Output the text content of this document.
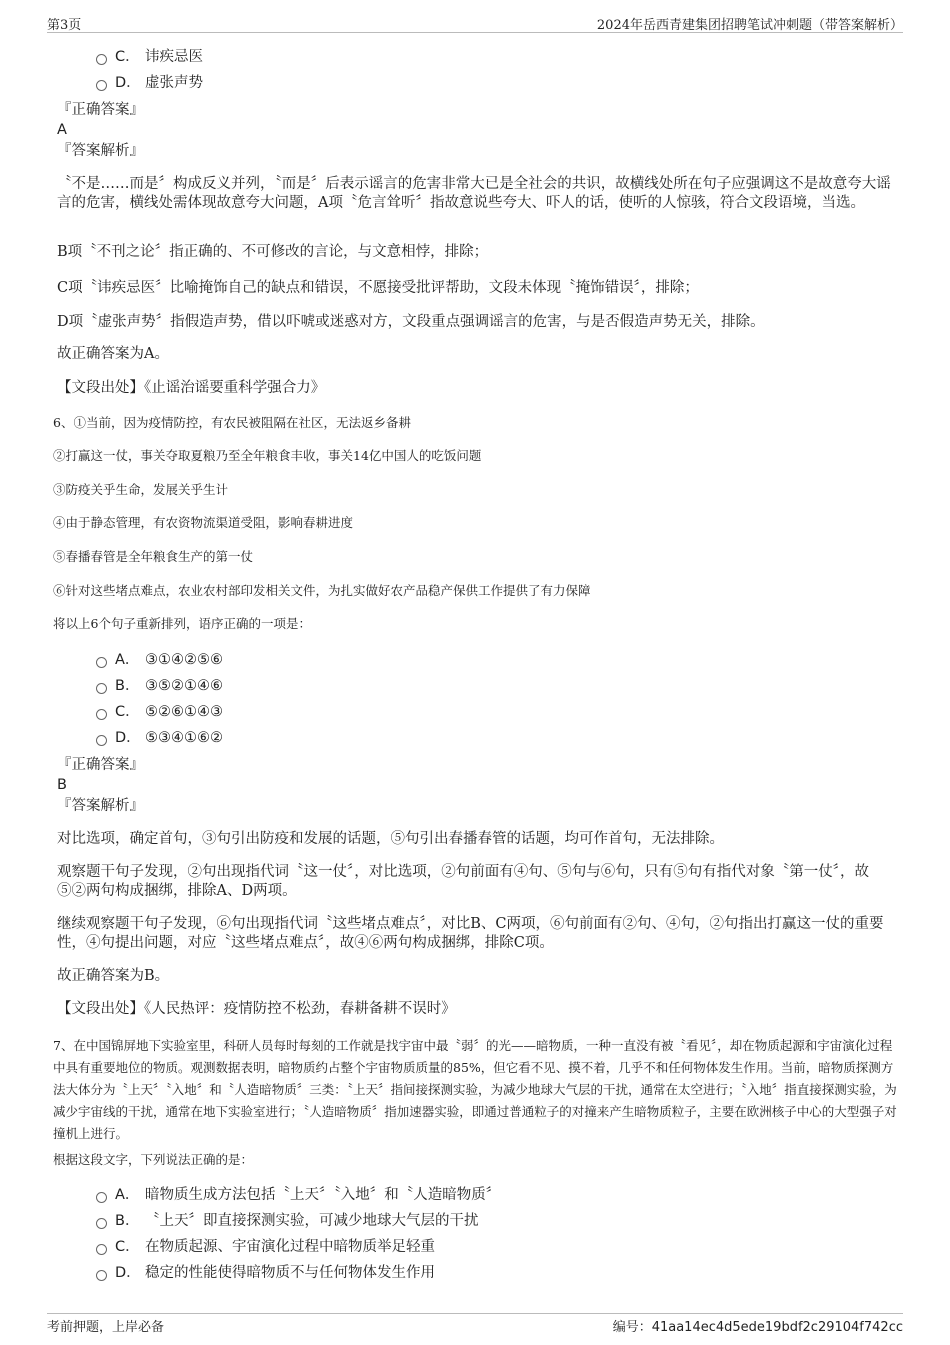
第3页	2024年岳西青建集团招聘笔试冲刺题（带答案解析）
C． 讳疾忌医
D． 虚张声势
『正确答案』
A
『答案解析』
〝不是……而是〞构成反义并列，〝而是〞后表示谣言的危害非常大已是全社会的共识，故横线处所在句子应强调这不是故意夸大谣言的危害，横线处需体现故意夸大问题，A项〝危言耸听〞指故意说些夸大、吓人的话，使听的人惊骇，符合文段语境，当选。
B项〝不刊之论〞指正确的、不可修改的言论，与文意相悖，排除；
C项〝讳疾忌医〞比喻掩饰自己的缺点和错误，不愿接受批评帮助，文段未体现〝掩饰错误〞，排除；
D项〝虚张声势〞指假造声势，借以吓唬或迷惑对方，文段重点强调谣言的危害，与是否假造声势无关，排除。
故正确答案为A。
【文段出处】《止谣治谣要重科学强合力》
6、①当前，因为疫情防控，有农民被阻隔在社区，无法返乡备耕
②打赢这一仗，事关夺取夏粮乃至全年粮食丰收，事关14亿中国人的吃饭问题
③防疫关乎生命，发展关乎生计
④由于静态管理，有农资物流渠道受阻，影响春耕进度
⑤春播春管是全年粮食生产的第一仗
⑥针对这些堵点难点，农业农村部印发相关文件，为扎实做好农产品稳产保供工作提供了有力保障
将以上6个句子重新排列，语序正确的一项是：
A． ③①④②⑤⑥
B． ③⑤②①④⑥
C． ⑤②⑥①④③
D． ⑤③④①⑥②
『正确答案』
B
『答案解析』
对比选项，确定首句，③句引出防疫和发展的话题，⑤句引出春播春管的话题，均可作首句，无法排除。
观察题干句子发现，②句出现指代词〝这一仗〞，对比选项，②句前面有④句、⑤句与⑥句，只有⑤句有指代对象〝第一仗〞，故⑤②两句构成捆绑，排除A、D两项。
继续观察题干句子发现，⑥句出现指代词〝这些堵点难点〞，对比B、C两项，⑥句前面有②句、④句，②句指出打赢这一仗的重要性，④句提出问题，对应〝这些堵点难点〞，故④⑥两句构成捆绑，排除C项。
故正确答案为B。
【文段出处】《人民热评：疫情防控不松劲，春耕备耕不误时》
7、在中国锦屏地下实验室里，科研人员每时每刻的工作就是找宇宙中最〝弱〞的光——暗物质，一种一直没有被〝看见〞，却在物质起源和宇宙演化过程中具有重要地位的物质。观测数据表明，暗物质约占整个宇宙物质质量的85%，但它看不见、摸不着，几乎不和任何物体发生作用。当前，暗物质探测方法大体分为〝上天〞〝入地〞和〝人造暗物质〞三类：〝上天〞指间接探测实验，为减少地球大气层的干扰，通常在太空进行；〝入地〞指直接探测实验，为减少宇宙线的干扰，通常在地下实验室进行；〝人造暗物质〞指加速器实验，即通过普通粒子的对撞来产生暗物质粒子，主要在欧洲核子中心的大型强子对撞机上进行。
根据这段文字，下列说法正确的是：
A． 暗物质生成方法包括〝上天〞〝入地〞和〝人造暗物质〞
B． 〝上天〞即直接探测实验，可减少地球大气层的干扰
C． 在物质起源、宇宙演化过程中暗物质举足轻重
D． 稳定的性能使得暗物质不与任何物体发生作用
考前押题，上岸必备	编号：41aa14ec4d5ede19bdf2c29104f742cc
